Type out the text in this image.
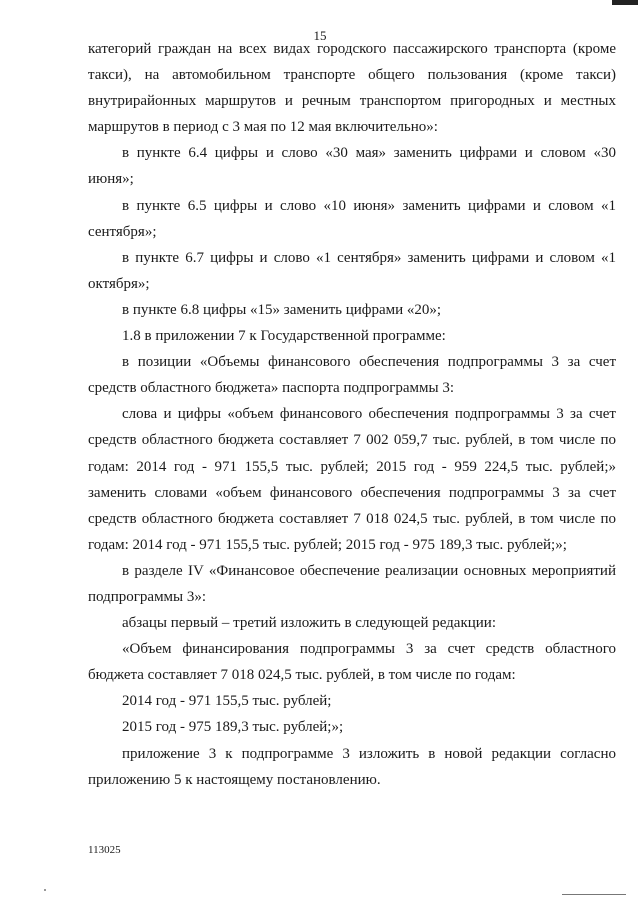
15

категорий граждан на всех видах городского пассажирского транспорта (кроме такси), на автомобильном транспорте общего пользования (кроме такси) внутрирайонных маршрутов и речным транспортом пригородных и местных маршрутов в период с 3 мая по 12 мая включительно»:

в пункте 6.4 цифры и слово «30 мая» заменить цифрами и словом «30 июня»;

в пункте 6.5 цифры и слово «10 июня» заменить цифрами и словом «1 сентября»;

в пункте 6.7 цифры и слово «1 сентября» заменить цифрами и словом «1 октября»;

в пункте 6.8 цифры «15» заменить цифрами «20»;

1.8 в приложении 7 к Государственной программе:

в позиции «Объемы финансового обеспечения подпрограммы 3 за счет средств областного бюджета» паспорта подпрограммы 3:

слова и цифры «объем финансового обеспечения подпрограммы 3 за счет средств областного бюджета составляет 7 002 059,7 тыс. рублей, в том числе по годам: 2014 год - 971 155,5 тыс. рублей; 2015 год - 959 224,5 тыс. рублей;» заменить словами «объем финансового обеспечения подпрограммы 3 за счет средств областного бюджета составляет 7 018 024,5 тыс. рублей, в том числе по годам: 2014 год - 971 155,5 тыс. рублей; 2015 год - 975 189,3 тыс. рублей;»;

в разделе IV «Финансовое обеспечение реализации основных мероприятий подпрограммы 3»:

абзацы первый – третий изложить в следующей редакции:

«Объем финансирования подпрограммы 3 за счет средств областного бюджета составляет 7 018 024,5 тыс. рублей, в том числе по годам:

2014 год - 971 155,5 тыс. рублей;

2015 год - 975 189,3 тыс. рублей;»;

приложение 3 к подпрограмме 3 изложить в новой редакции согласно приложению 5 к настоящему постановлению.

113025
